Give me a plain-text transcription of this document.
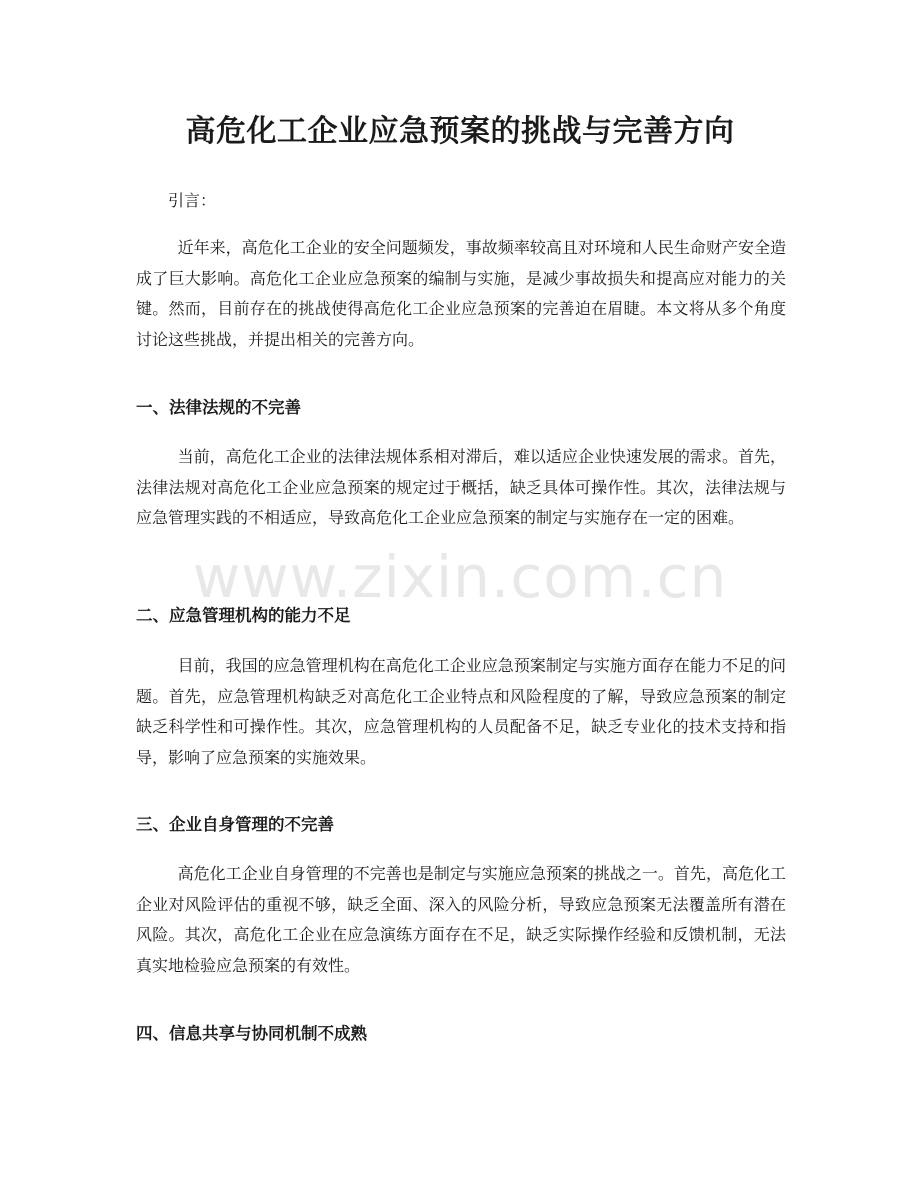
高危化工企业应急预案的挑战与完善方向

引言：

近年来，高危化工企业的安全问题频发，事故频率较高且对环境和人民生命财产安全造成了巨大影响。高危化工企业应急预案的编制与实施，是减少事故损失和提高应对能力的关键。然而，目前存在的挑战使得高危化工企业应急预案的完善迫在眉睫。本文将从多个角度讨论这些挑战，并提出相关的完善方向。

一、法律法规的不完善

当前，高危化工企业的法律法规体系相对滞后，难以适应企业快速发展的需求。首先，法律法规对高危化工企业应急预案的规定过于概括，缺乏具体可操作性。其次，法律法规与应急管理实践的不相适应，导致高危化工企业应急预案的制定与实施存在一定的困难。

二、应急管理机构的能力不足

目前，我国的应急管理机构在高危化工企业应急预案制定与实施方面存在能力不足的问题。首先，应急管理机构缺乏对高危化工企业特点和风险程度的了解，导致应急预案的制定缺乏科学性和可操作性。其次，应急管理机构的人员配备不足，缺乏专业化的技术支持和指导，影响了应急预案的实施效果。

三、企业自身管理的不完善

高危化工企业自身管理的不完善也是制定与实施应急预案的挑战之一。首先，高危化工企业对风险评估的重视不够，缺乏全面、深入的风险分析，导致应急预案无法覆盖所有潜在风险。其次，高危化工企业在应急演练方面存在不足，缺乏实际操作经验和反馈机制，无法真实地检验应急预案的有效性。

四、信息共享与协同机制不成熟
www.zixin.com.cn
